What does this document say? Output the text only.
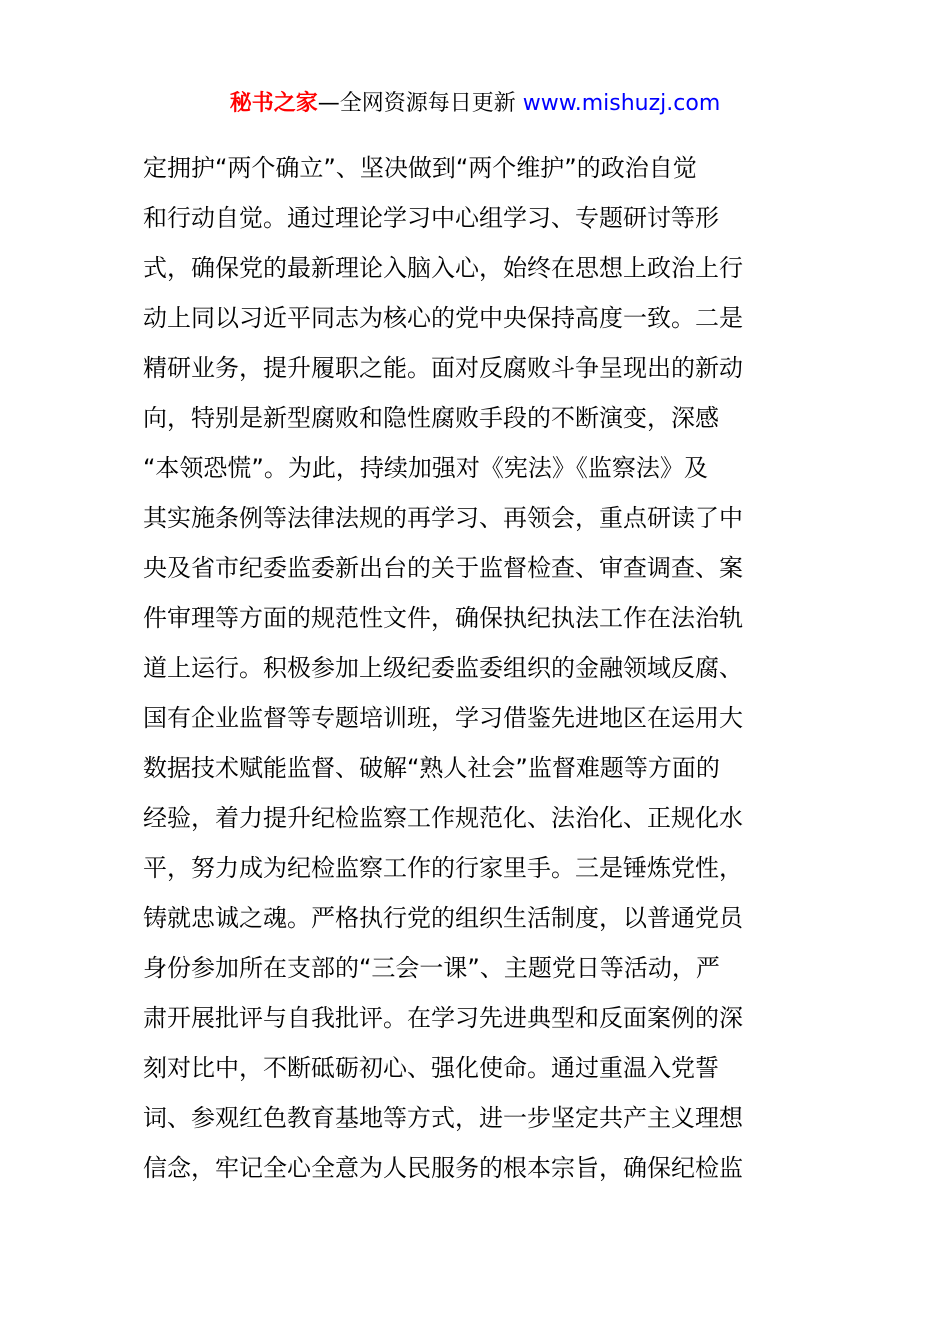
秘书之家—全网资源每日更新 www.mishuzj.com
定拥护“两个确立”、坚决做到“两个维护”的政治自觉
和行动自觉。通过理论学习中心组学习、专题研讨等形
式，确保党的最新理论入脑入心，始终在思想上政治上行
动上同以习近平同志为核心的党中央保持高度一致。二是
精研业务，提升履职之能。面对反腐败斗争呈现出的新动
向，特别是新型腐败和隐性腐败手段的不断演变，深感
“本领恐慌”。为此，持续加强对《宪法》《监察法》及
其实施条例等法律法规的再学习、再领会，重点研读了中
央及省市纪委监委新出台的关于监督检查、审查调查、案
件审理等方面的规范性文件，确保执纪执法工作在法治轨
道上运行。积极参加上级纪委监委组织的金融领域反腐、
国有企业监督等专题培训班，学习借鉴先进地区在运用大
数据技术赋能监督、破解“熟人社会”监督难题等方面的
经验，着力提升纪检监察工作规范化、法治化、正规化水
平，努力成为纪检监察工作的行家里手。三是锤炼党性，
铸就忠诚之魂。严格执行党的组织生活制度，以普通党员
身份参加所在支部的“三会一课”、主题党日等活动，严
肃开展批评与自我批评。在学习先进典型和反面案例的深
刻对比中，不断砥砺初心、强化使命。通过重温入党誓
词、参观红色教育基地等方式，进一步坚定共产主义理想
信念，牢记全心全意为人民服务的根本宗旨，确保纪检监
